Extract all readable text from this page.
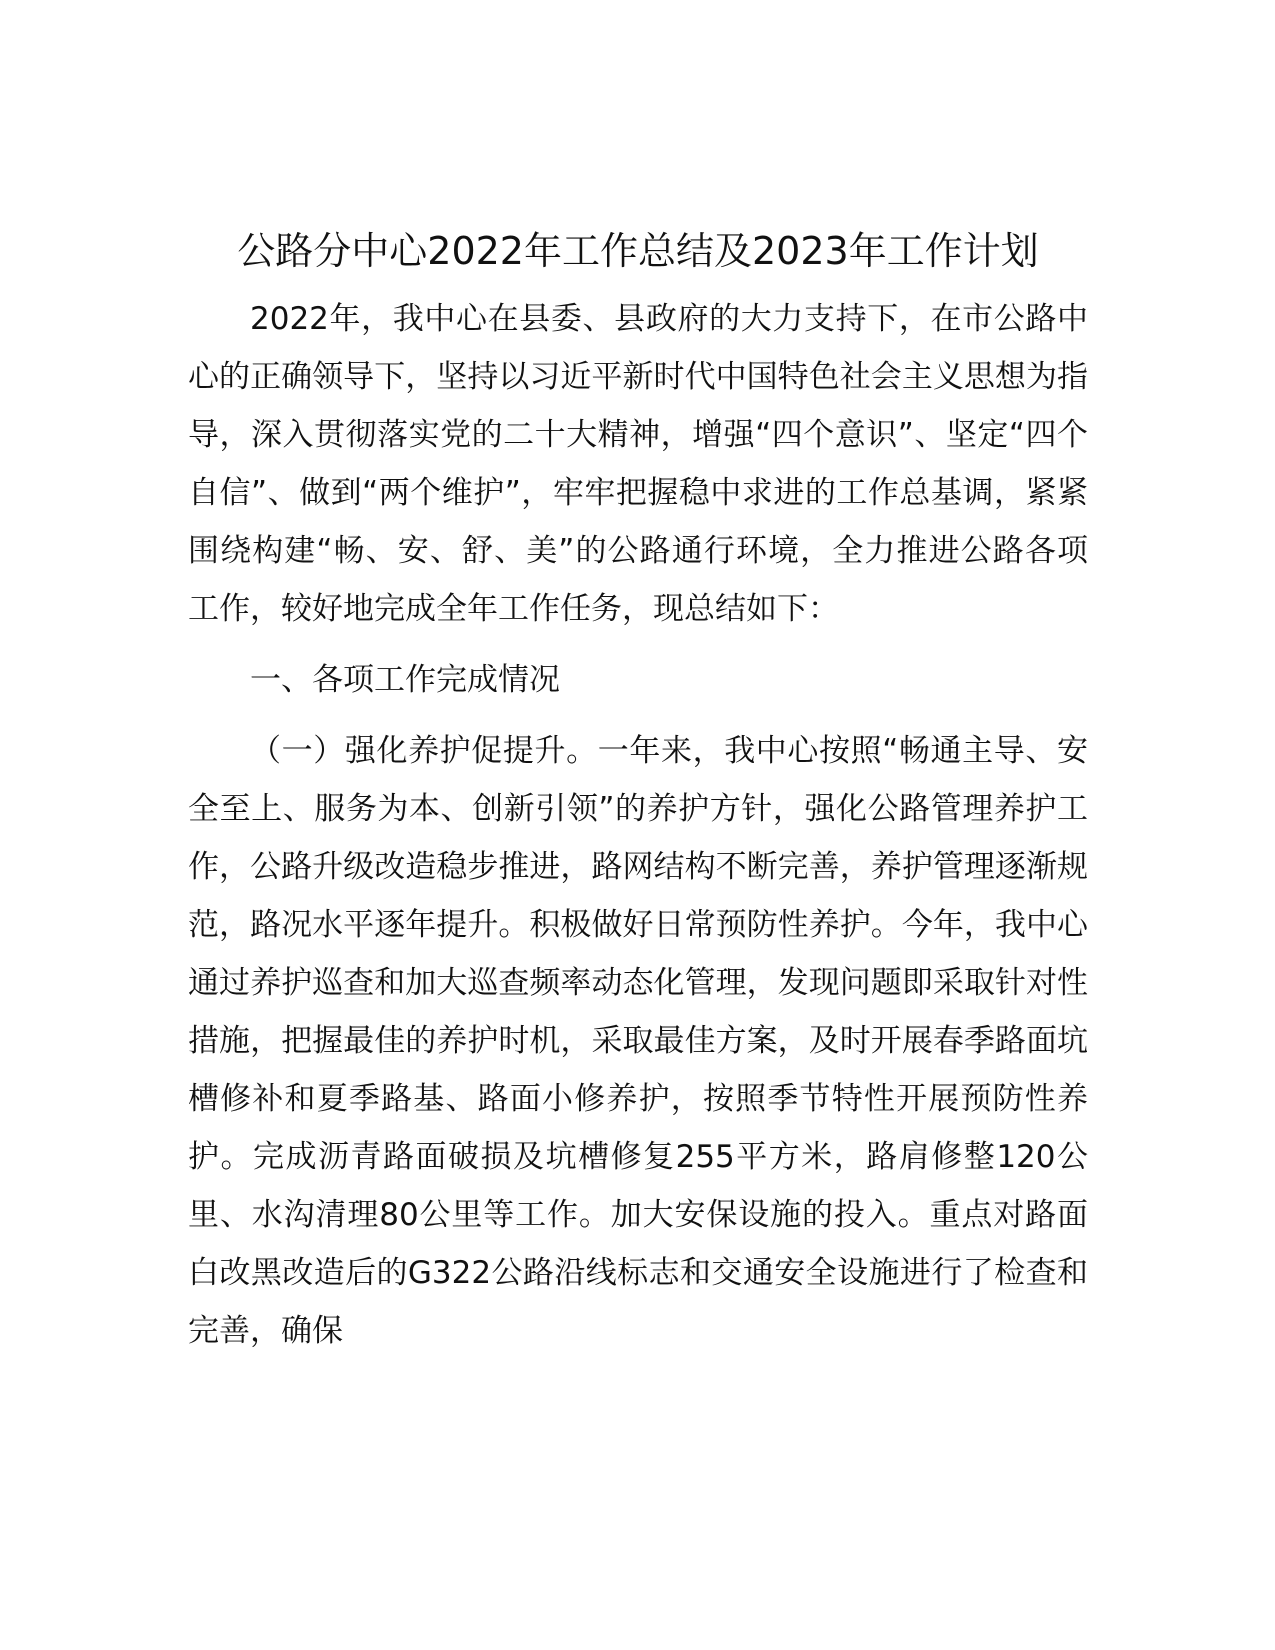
公路分中心2022年工作总结及2023年工作计划

2022年，我中心在县委、县政府的大力支持下，在市公路中心的正确领导下，坚持以习近平新时代中国特色社会主义思想为指导，深入贯彻落实党的二十大精神，增强“四个意识”、坚定“四个自信”、做到“两个维护”，牢牢把握稳中求进的工作总基调，紧紧围绕构建“畅、安、舒、美”的公路通行环境，全力推进公路各项工作，较好地完成全年工作任务，现总结如下：

一、各项工作完成情况

（一）强化养护促提升。一年来，我中心按照“畅通主导、安全至上、服务为本、创新引领”的养护方针，强化公路管理养护工作，公路升级改造稳步推进，路网结构不断完善，养护管理逐渐规范，路况水平逐年提升。积极做好日常预防性养护。今年，我中心通过养护巡查和加大巡查频率动态化管理，发现问题即采取针对性措施，把握最佳的养护时机，采取最佳方案，及时开展春季路面坑槽修补和夏季路基、路面小修养护，按照季节特性开展预防性养护。完成沥青路面破损及坑槽修复255平方米，路肩修整120公里、水沟清理80公里等工作。加大安保设施的投入。重点对路面白改黑改造后的G322公路沿线标志和交通安全设施进行了检查和完善，确保
